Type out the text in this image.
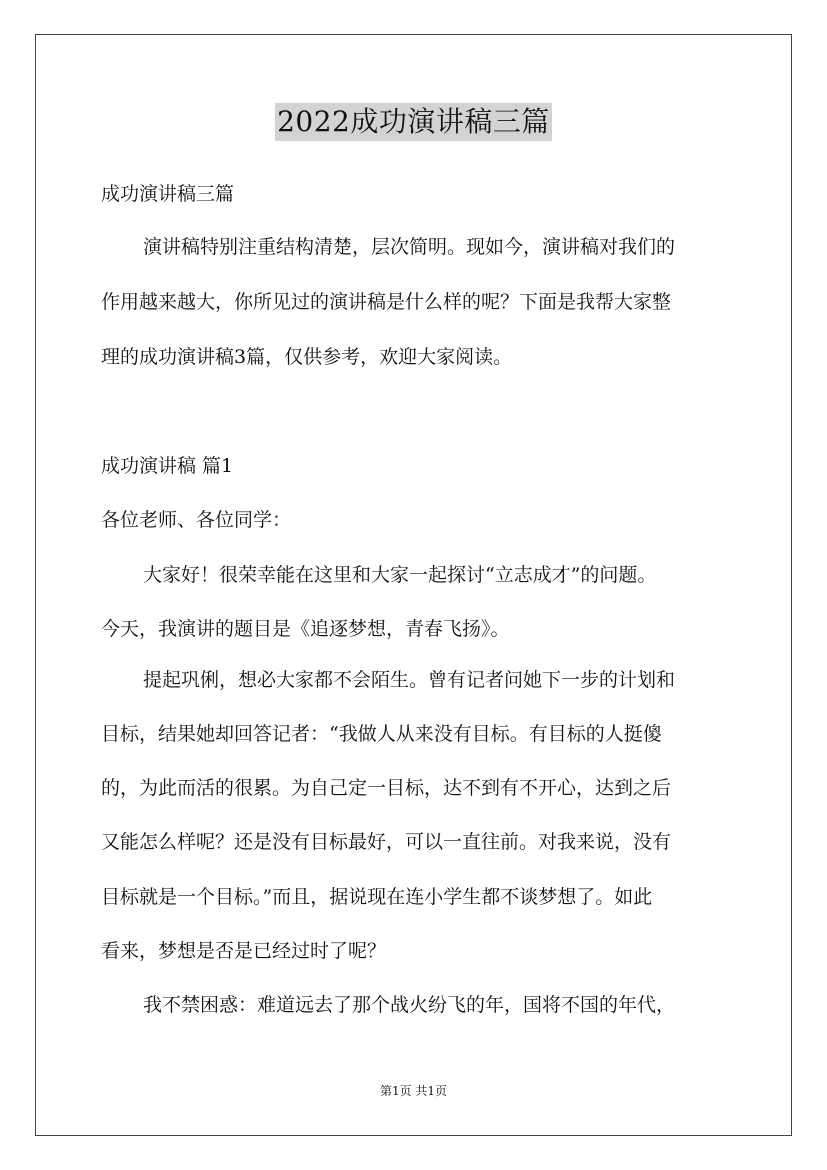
2022成功演讲稿三篇
成功演讲稿三篇
演讲稿特别注重结构清楚，层次简明。现如今，演讲稿对我们的
作用越来越大，你所见过的演讲稿是什么样的呢？下面是我帮大家整
理的成功演讲稿3篇，仅供参考，欢迎大家阅读。
成功演讲稿 篇1
各位老师、各位同学：
大家好！很荣幸能在这里和大家一起探讨“立志成才”的问题。
今天，我演讲的题目是《追逐梦想，青春飞扬》。
提起巩俐，想必大家都不会陌生。曾有记者问她下一步的计划和
目标，结果她却回答记者：“我做人从来没有目标。有目标的人挺傻
的，为此而活的很累。为自己定一目标，达不到有不开心，达到之后
又能怎么样呢？还是没有目标最好，可以一直往前。对我来说，没有
目标就是一个目标。”而且，据说现在连小学生都不谈梦想了。如此
看来，梦想是否是已经过时了呢？
我不禁困惑：难道远去了那个战火纷飞的年，国将不国的年代，
第1页 共1页
